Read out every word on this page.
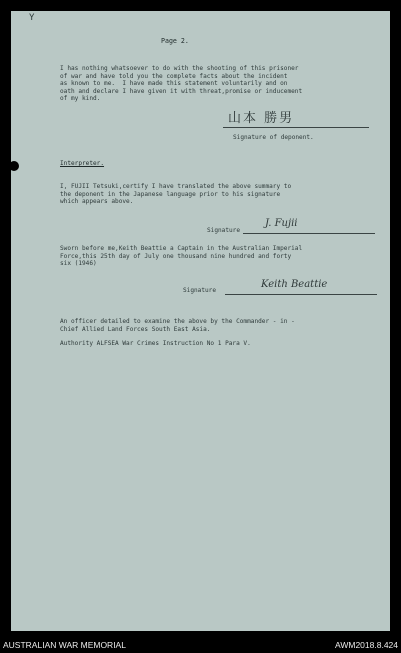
Y
Page 2.
I has nothing whatsoever to do with the shooting of this prisoner
of war and have told you the complete facts about the incident
as known to me.  I have made this statement voluntarily and on
oath and declare I have given it with threat,promise or inducement
of my kind.
山本 勝男
Signature of deponent.
Interpreter.
I, FUJII Tetsuki,certify I have translated the above summary to
the deponent in the Japanese language prior to his signature
which appears above.
Signature
J. Fujii
Sworn before me,Keith Beattie a Captain in the Australian Imperial
Force,this 25th day of July one thousand nine hundred and forty
six (1946)
Signature
Keith Beattie
An officer detailed to examine the above by the Commander - in -
Chief Allied Land Forces South East Asia.
Authority ALFSEA War Crimes Instruction No 1 Para V.
AUSTRALIAN WAR MEMORIAL	AWM2018.8.424
